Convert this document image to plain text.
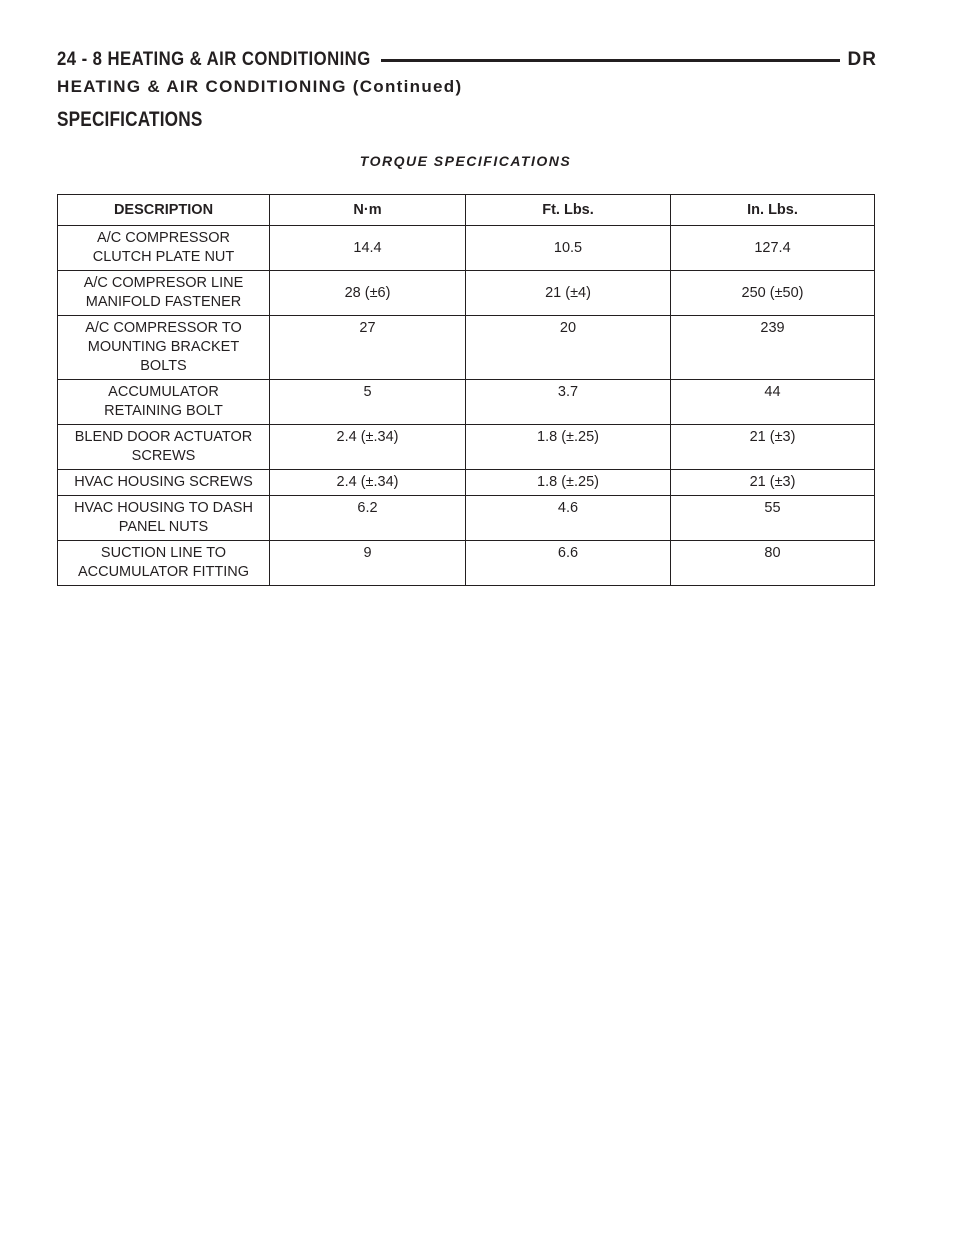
24 - 8 HEATING & AIR CONDITIONING	DR
HEATING & AIR CONDITIONING (Continued)
SPECIFICATIONS
TORQUE SPECIFICATIONS
DESCRIPTION	N·m	Ft. Lbs.	In. Lbs.

A/C COMPRESSOR
CLUTCH PLATE NUT	14.4	10.5	127.4

A/C COMPRESOR LINE
MANIFOLD FASTENER	28 (±6)	21 (±4)	250 (±50)

A/C COMPRESSOR TO
MOUNTING BRACKET
BOLTS	27	20	239

ACCUMULATOR
RETAINING BOLT	5	3.7	44

BLEND DOOR ACTUATOR
SCREWS	2.4 (±.34)	1.8 (±.25)	21 (±3)

HVAC HOUSING SCREWS	2.4 (±.34)	1.8 (±.25)	21 (±3)

HVAC HOUSING TO DASH
PANEL NUTS	6.2	4.6	55

SUCTION LINE TO
ACCUMULATOR FITTING	9	6.6	80
